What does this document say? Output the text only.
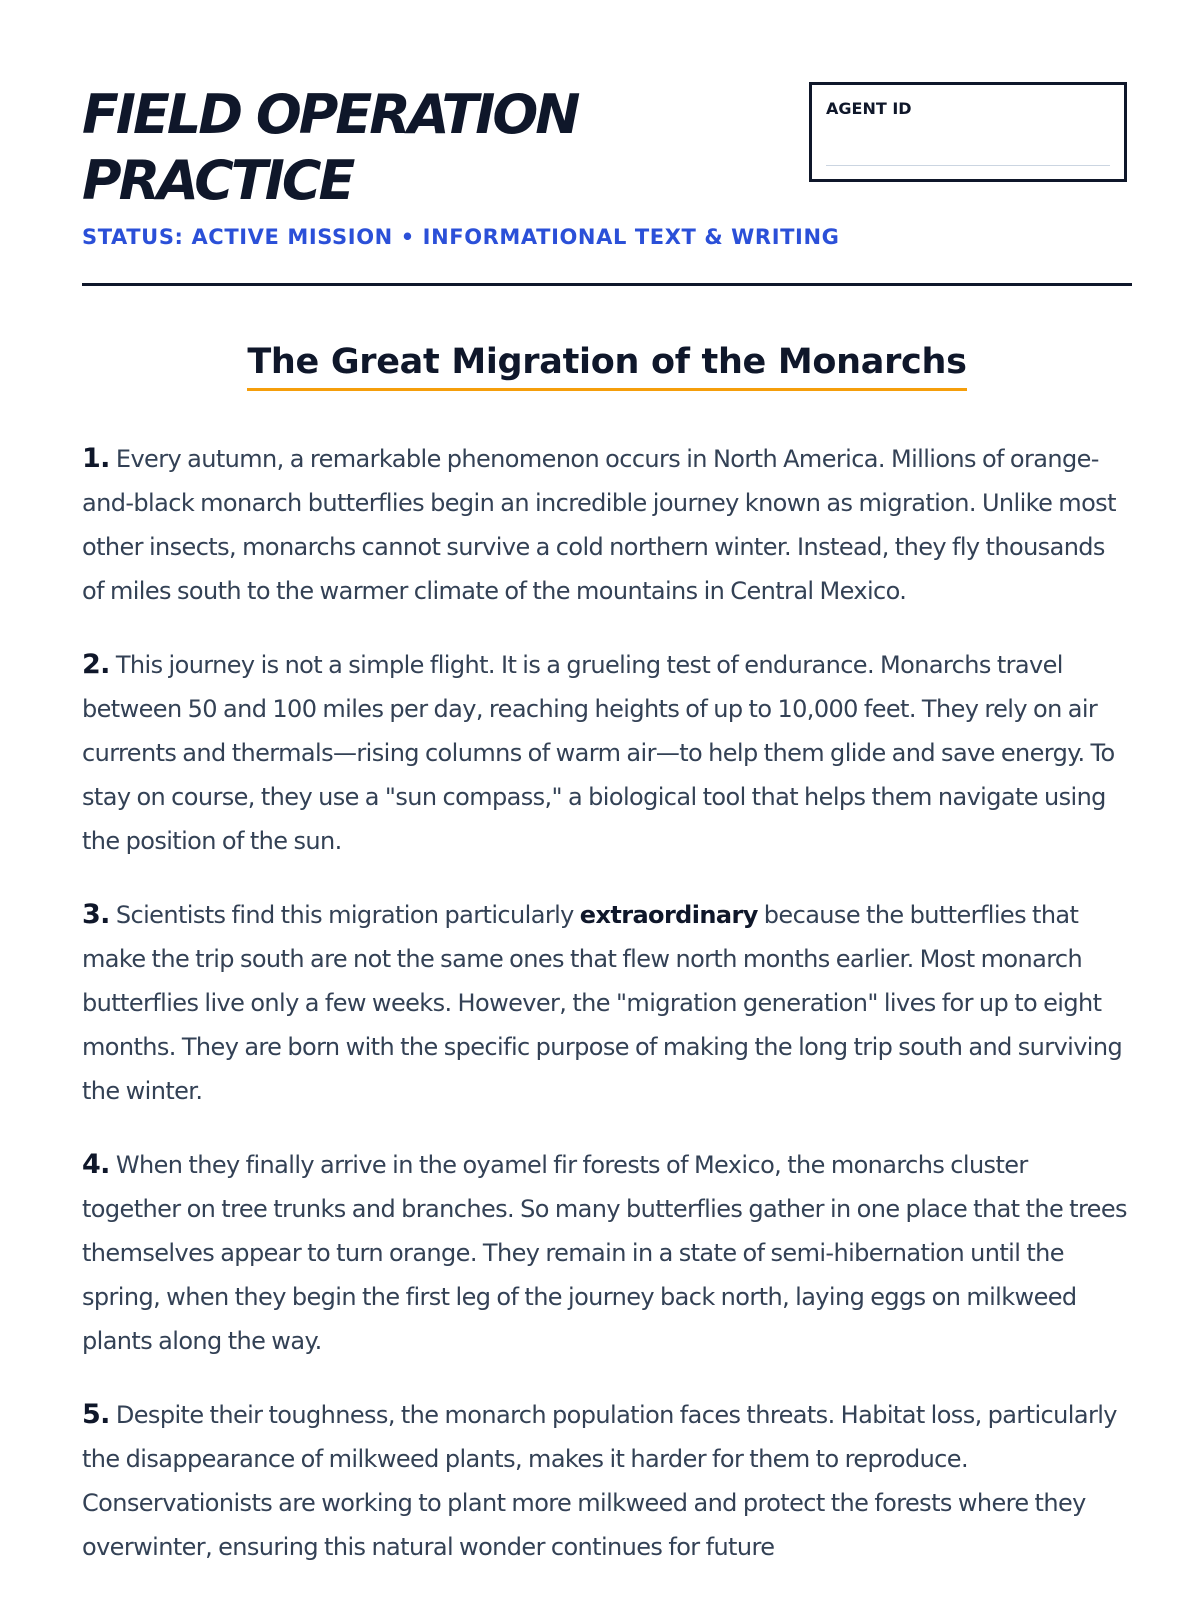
FIELD OPERATION
PRACTICE

STATUS: ACTIVE MISSION • INFORMATIONAL TEXT & WRITING

AGENT ID
The Great Migration of the Monarchs

1. Every autumn, a remarkable phenomenon occurs in North America. Millions of orange-and-black monarch butterflies begin an incredible journey known as migration. Unlike most other insects, monarchs cannot survive a cold northern winter. Instead, they fly thousands of miles south to the warmer climate of the mountains in Central Mexico.

2. This journey is not a simple flight. It is a grueling test of endurance. Monarchs travel between 50 and 100 miles per day, reaching heights of up to 10,000 feet. They rely on air currents and thermals—rising columns of warm air—to help them glide and save energy. To stay on course, they use a "sun compass," a biological tool that helps them navigate using the position of the sun.

3. Scientists find this migration particularly extraordinary because the butterflies that make the trip south are not the same ones that flew north months earlier. Most monarch butterflies live only a few weeks. However, the "migration generation" lives for up to eight months. They are born with the specific purpose of making the long trip south and surviving the winter.

4. When they finally arrive in the oyamel fir forests of Mexico, the monarchs cluster together on tree trunks and branches. So many butterflies gather in one place that the trees themselves appear to turn orange. They remain in a state of semi-hibernation until the spring, when they begin the first leg of the journey back north, laying eggs on milkweed plants along the way.

5. Despite their toughness, the monarch population faces threats. Habitat loss, particularly the disappearance of milkweed plants, makes it harder for them to reproduce. Conservationists are working to plant more milkweed and protect the forests where they overwinter, ensuring this natural wonder continues for future
